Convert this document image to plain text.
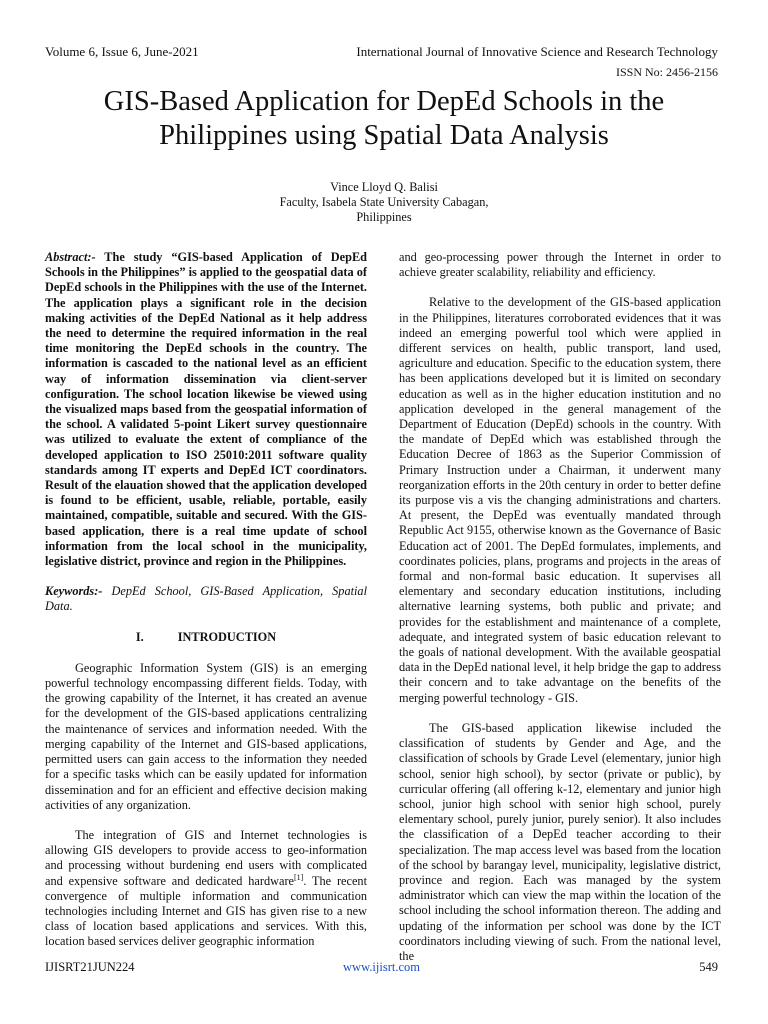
Volume 6, Issue 6, June-2021	International Journal of Innovative Science and Research Technology
ISSN No: 2456-2156
GIS-Based Application for DepEd Schools in the Philippines using Spatial Data Analysis
Vince Lloyd Q. Balisi
Faculty, Isabela State University Cabagan,
Philippines

Abstract:- The study “GIS-based Application of DepEd Schools in the Philippines” is applied to the geospatial data of DepEd schools in the Philippines with the use of the Internet. The application plays a significant role in the decision making activities of the DepEd National as it help address the need to determine the required information in the real time monitoring the DepEd schools in the country. The information is cascaded to the national level as an efficient way of information dissemination via client-server configuration. The school location likewise be viewed using the visualized maps based from the geospatial information of the school. A validated 5-point Likert survey questionnaire was utilized to evaluate the extent of compliance of the developed application to ISO 25010:2011 software quality standards among IT experts and DepEd ICT coordinators. Result of the elauation showed that the application developed is found to be efficient, usable, reliable, portable, easily maintained, compatible, suitable and secured. With the GIS-based application, there is a real time update of school information from the local school in the municipality, legislative district, province and region in the Philippines.

Keywords:- DepEd School, GIS-Based Application, Spatial Data.

I.	INTRODUCTION

Geographic Information System (GIS) is an emerging powerful technology encompassing different fields. Today, with the growing capability of the Internet, it has created an avenue for the development of the GIS-based applications centralizing the maintenance of services and information needed. With the merging capability of the Internet and GIS-based applications, permitted users can gain access to the information they needed for a specific tasks which can be easily updated for information dissemination and for an efficient and effective decision making activities of any organization.

The integration of GIS and Internet technologies is allowing GIS developers to provide access to geo-information and processing without burdening end users with complicated and expensive software and dedicated hardware[1]. The recent convergence of multiple information and communication technologies including Internet and GIS has given rise to a new class of location based applications and services. With this, location based services deliver geographic information

and geo-processing power through the Internet in order to achieve greater scalability, reliability and efficiency.

Relative to the development of the GIS-based application in the Philippines, literatures corroborated evidences that it was indeed an emerging powerful tool which were applied in different services on health, public transport, land used, agriculture and education. Specific to the education system, there has been applications developed but it is limited on secondary education as well as in the higher education institution and no application developed in the general management of the Department of Education (DepEd) schools in the country. With the mandate of DepEd which was established through the Education Decree of 1863 as the Superior Commission of Primary Instruction under a Chairman, it underwent many reorganization efforts in the 20th century in order to better define its purpose vis a vis the changing administrations and charters. At present, the DepEd was eventually mandated through Republic Act 9155, otherwise known as the Governance of Basic Education act of 2001. The DepEd formulates, implements, and coordinates policies, plans, programs and projects in the areas of formal and non-formal basic education. It supervises all elementary and secondary education institutions, including alternative learning systems, both public and private; and provides for the establishment and maintenance of a complete, adequate, and integrated system of basic education relevant to the goals of national development. With the available geospatial data in the DepEd national level, it help bridge the gap to address their concern and to take advantage on the benefits of the merging powerful technology - GIS.

The GIS-based application likewise included the classification of students by Gender and Age, and the classification of schools by Grade Level (elementary, junior high school, senior high school), by sector (private or public), by curricular offering (all offering k-12, elementary and junior high school, junior high school with senior high school, purely elementary school, purely junior, purely senior). It also includes the classification of a DepEd teacher according to their specialization. The map access level was based from the location of the school by barangay level, municipality, legislative district, province and region. Each was managed by the system administrator which can view the map within the location of the school including the school information thereon. The adding and updating of the information per school was done by the ICT coordinators including viewing of such. From the national level, the

IJISRT21JUN224	www.ijisrt.com	549
